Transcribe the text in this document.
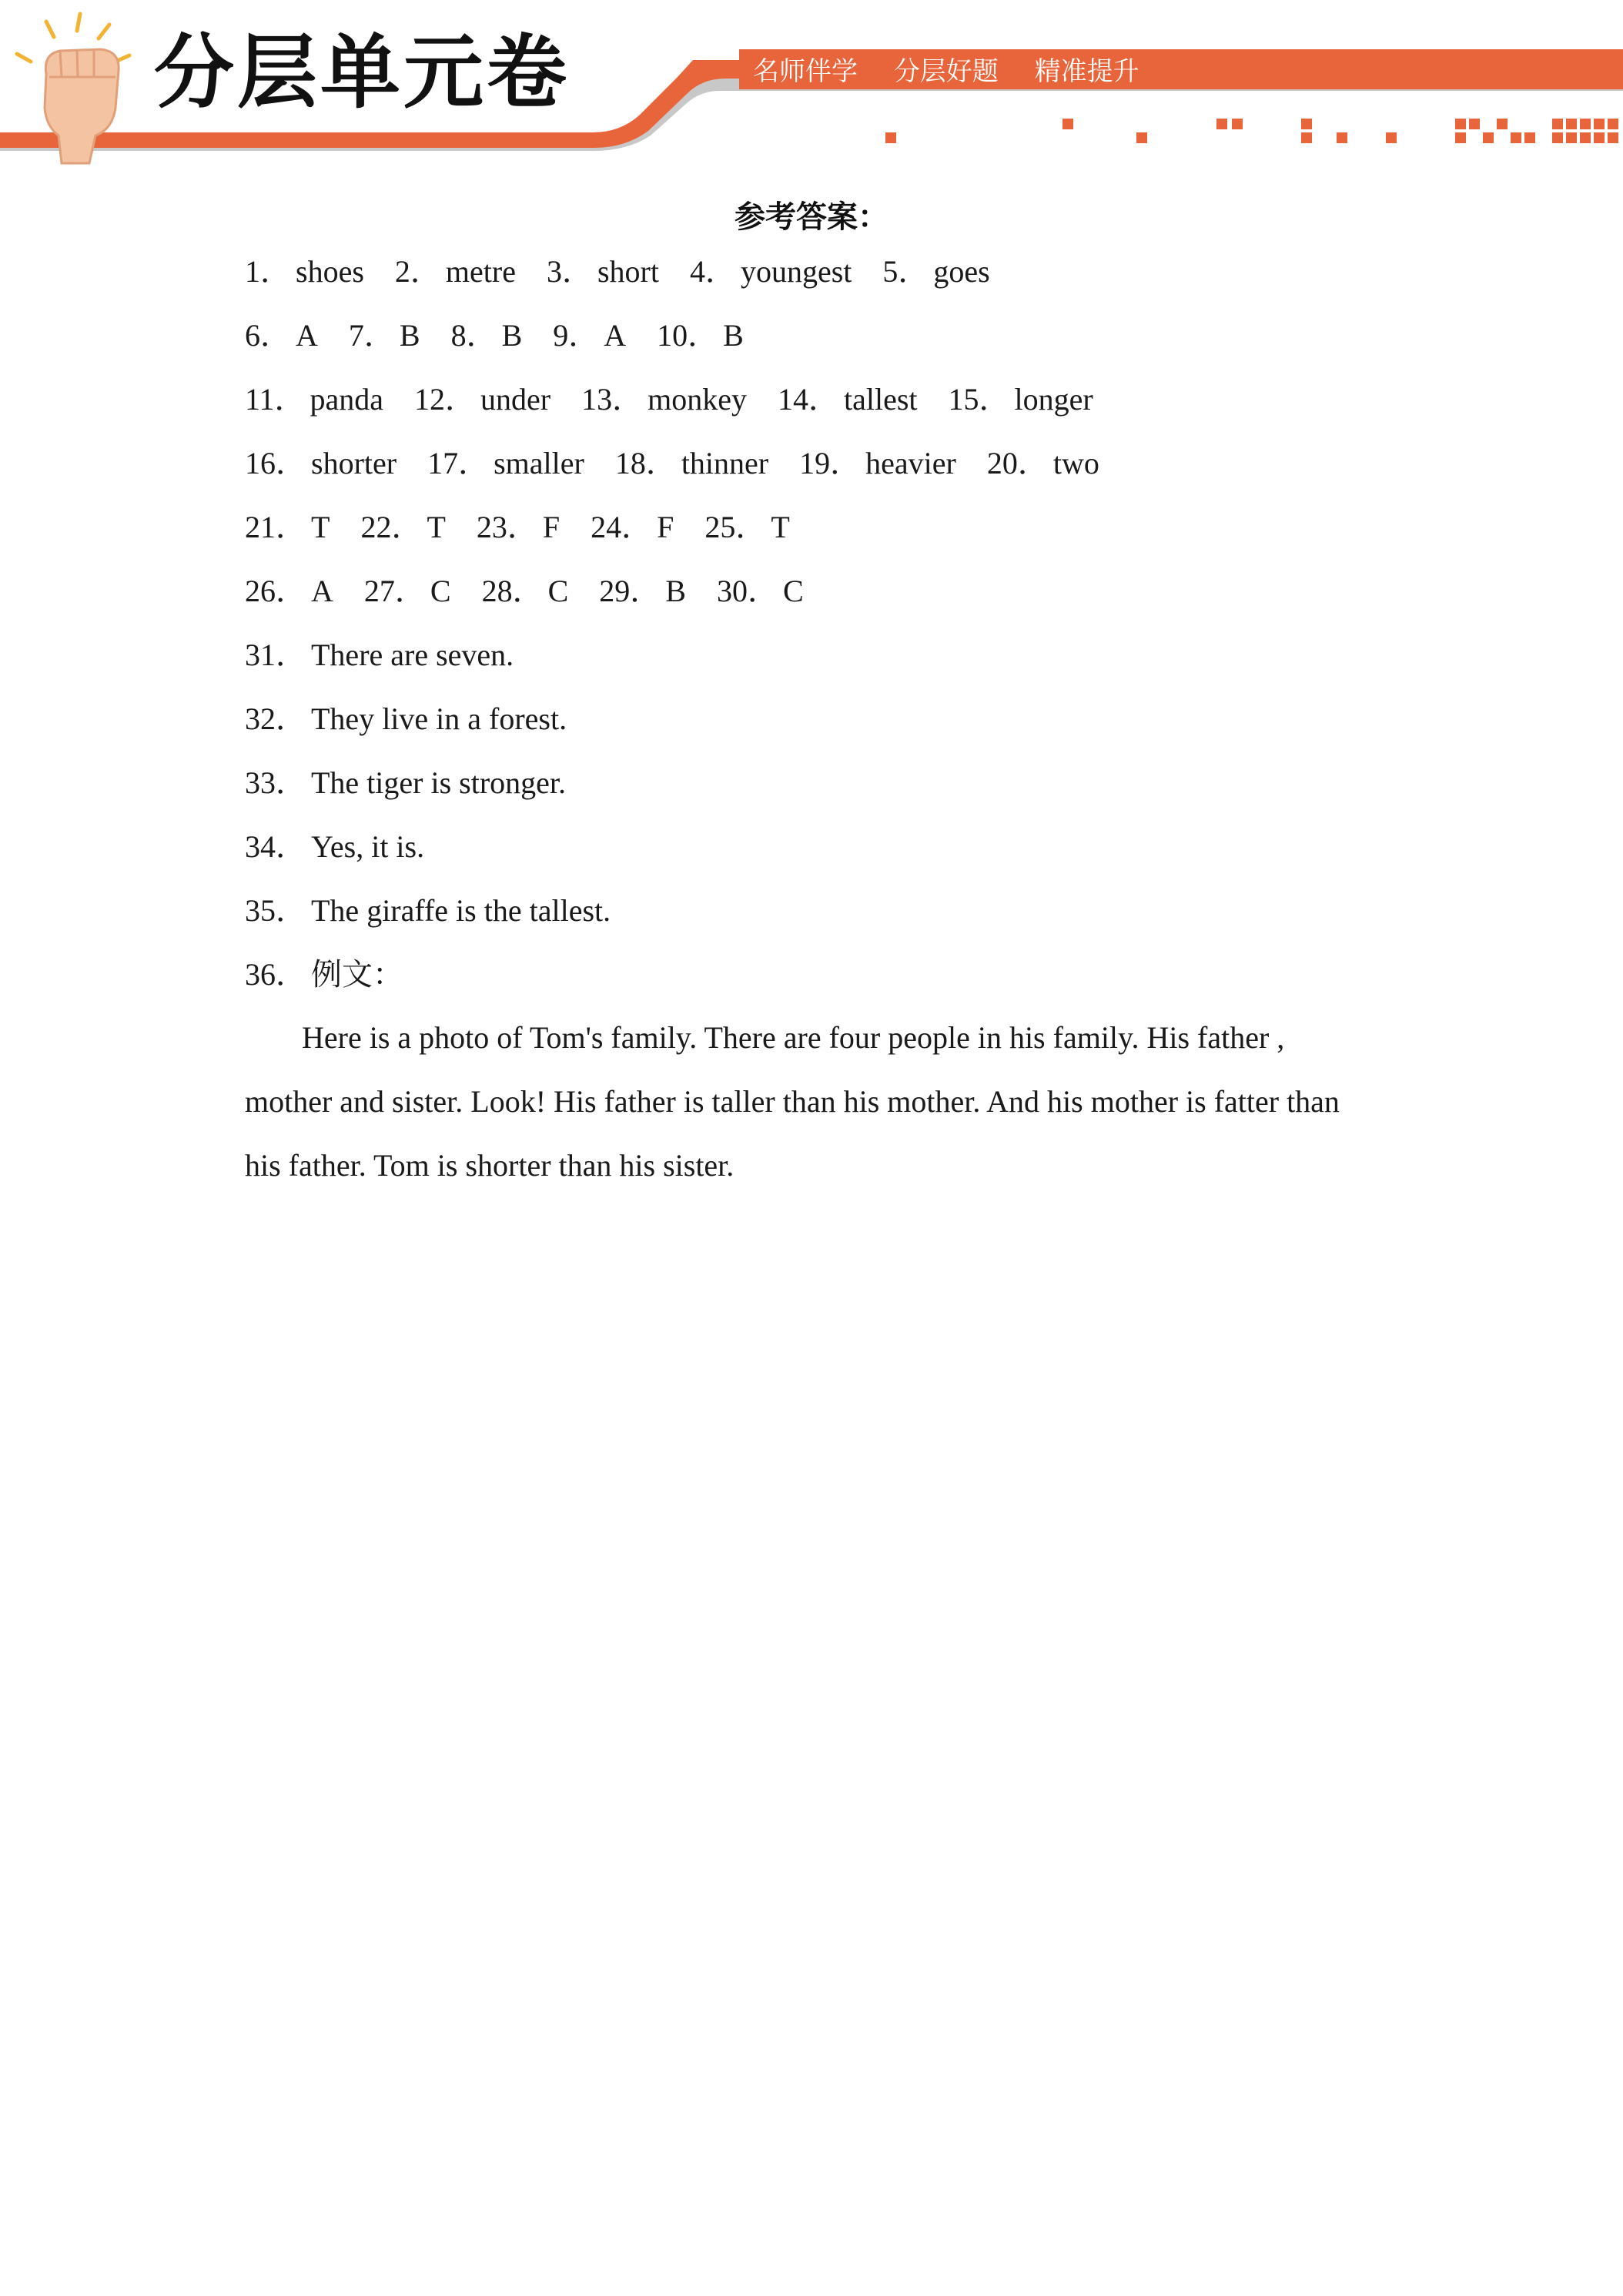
分层单元卷	名师伴学 分层好题 精准提升
参考答案：
1． shoes 2． metre 3． short 4． youngest 5． goes
6． A 7． B 8． B 9． A 10． B
11． panda 12． under 13． monkey 14． tallest 15． longer
16． shorter 17． smaller 18． thinner 19． heavier 20． two
21． T 22． T 23． F 24． F 25． T
26． A 27． C 28． C 29． B 30． C
31． There are seven.
32． They live in a forest.
33． The tiger is stronger.
34． Yes, it is.
35． The giraffe is the tallest.
36． 例文：

Here is a photo of Tom's family. There are four people in his family. His father , mother and sister. Look! His father is taller than his mother. And his mother is fatter than his father. Tom is shorter than his sister.
